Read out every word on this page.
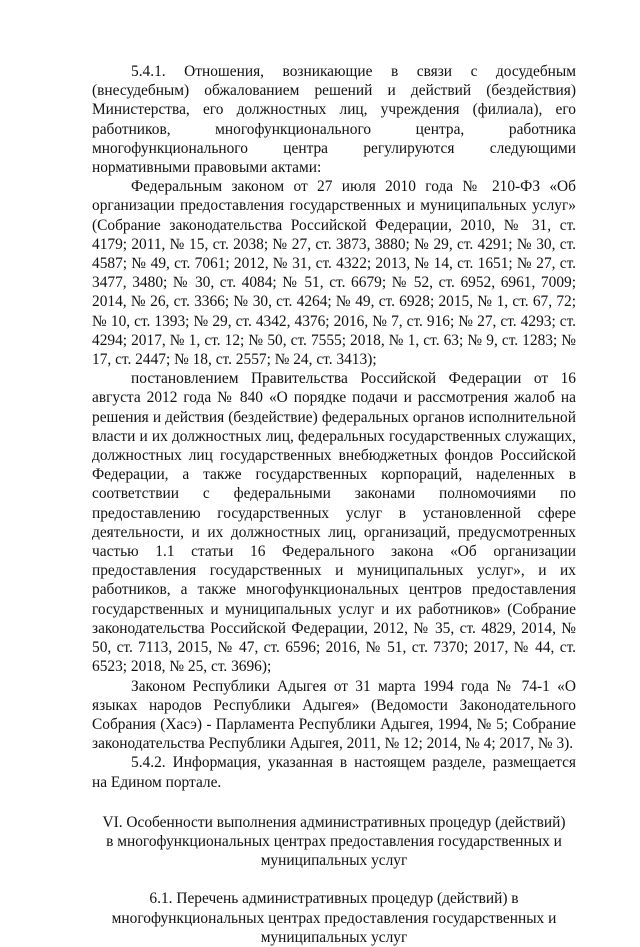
5.4.1. Отношения, возникающие в связи с досудебным (внесудебным) обжалованием решений и действий (бездействия) Министерства, его должностных лиц, учреждения (филиала), его работников, многофункционального центра, работника многофункционального центра регулируются следующими нормативными правовыми актами:

Федеральным законом от 27 июля 2010 года № 210-ФЗ «Об организации предоставления государственных и муниципальных услуг» (Собрание законодательства Российской Федерации, 2010, № 31, ст. 4179; 2011, № 15, ст. 2038; № 27, ст. 3873, 3880; № 29, ст. 4291; № 30, ст. 4587; № 49, ст. 7061; 2012, № 31, ст. 4322; 2013, № 14, ст. 1651; № 27, ст. 3477, 3480; № 30, ст. 4084; № 51, ст. 6679; № 52, ст. 6952, 6961, 7009; 2014, № 26, ст. 3366; № 30, ст. 4264; № 49, ст. 6928; 2015, № 1, ст. 67, 72; № 10, ст. 1393; № 29, ст. 4342, 4376; 2016, № 7, ст. 916; № 27, ст. 4293; ст. 4294; 2017, № 1, ст. 12; № 50, ст. 7555; 2018, № 1, ст. 63; № 9, ст. 1283; № 17, ст. 2447; № 18, ст. 2557; № 24, ст. 3413);

постановлением Правительства Российской Федерации от 16 августа 2012 года № 840 «О порядке подачи и рассмотрения жалоб на решения и действия (бездействие) федеральных органов исполнительной власти и их должностных лиц, федеральных государственных служащих, должностных лиц государственных внебюджетных фондов Российской Федерации, а также государственных корпораций, наделенных в соответствии с федеральными законами полномочиями по предоставлению государственных услуг в установленной сфере деятельности, и их должностных лиц, организаций, предусмотренных частью 1.1 статьи 16 Федерального закона «Об организации предоставления государственных и муниципальных услуг», и их работников, а также многофункциональных центров предоставления государственных и муниципальных услуг и их работников» (Собрание законодательства Российской Федерации, 2012, № 35, ст. 4829, 2014, № 50, ст. 7113, 2015, № 47, ст. 6596; 2016, № 51, ст. 7370; 2017, № 44, ст. 6523; 2018, № 25, ст. 3696);

Законом Республики Адыгея от 31 марта 1994 года № 74-1 «О языках народов Республики Адыгея» (Ведомости Законодательного Собрания (Хасэ) - Парламента Республики Адыгея, 1994, № 5; Собрание законодательства Республики Адыгея, 2011, № 12; 2014, № 4; 2017, № 3).

5.4.2. Информация, указанная в настоящем разделе, размещается на Едином портале.

VI. Особенности выполнения административных процедур (действий) в многофункциональных центрах предоставления государственных и муниципальных услуг

6.1. Перечень административных процедур (действий) в многофункциональных центрах предоставления государственных и муниципальных услуг
